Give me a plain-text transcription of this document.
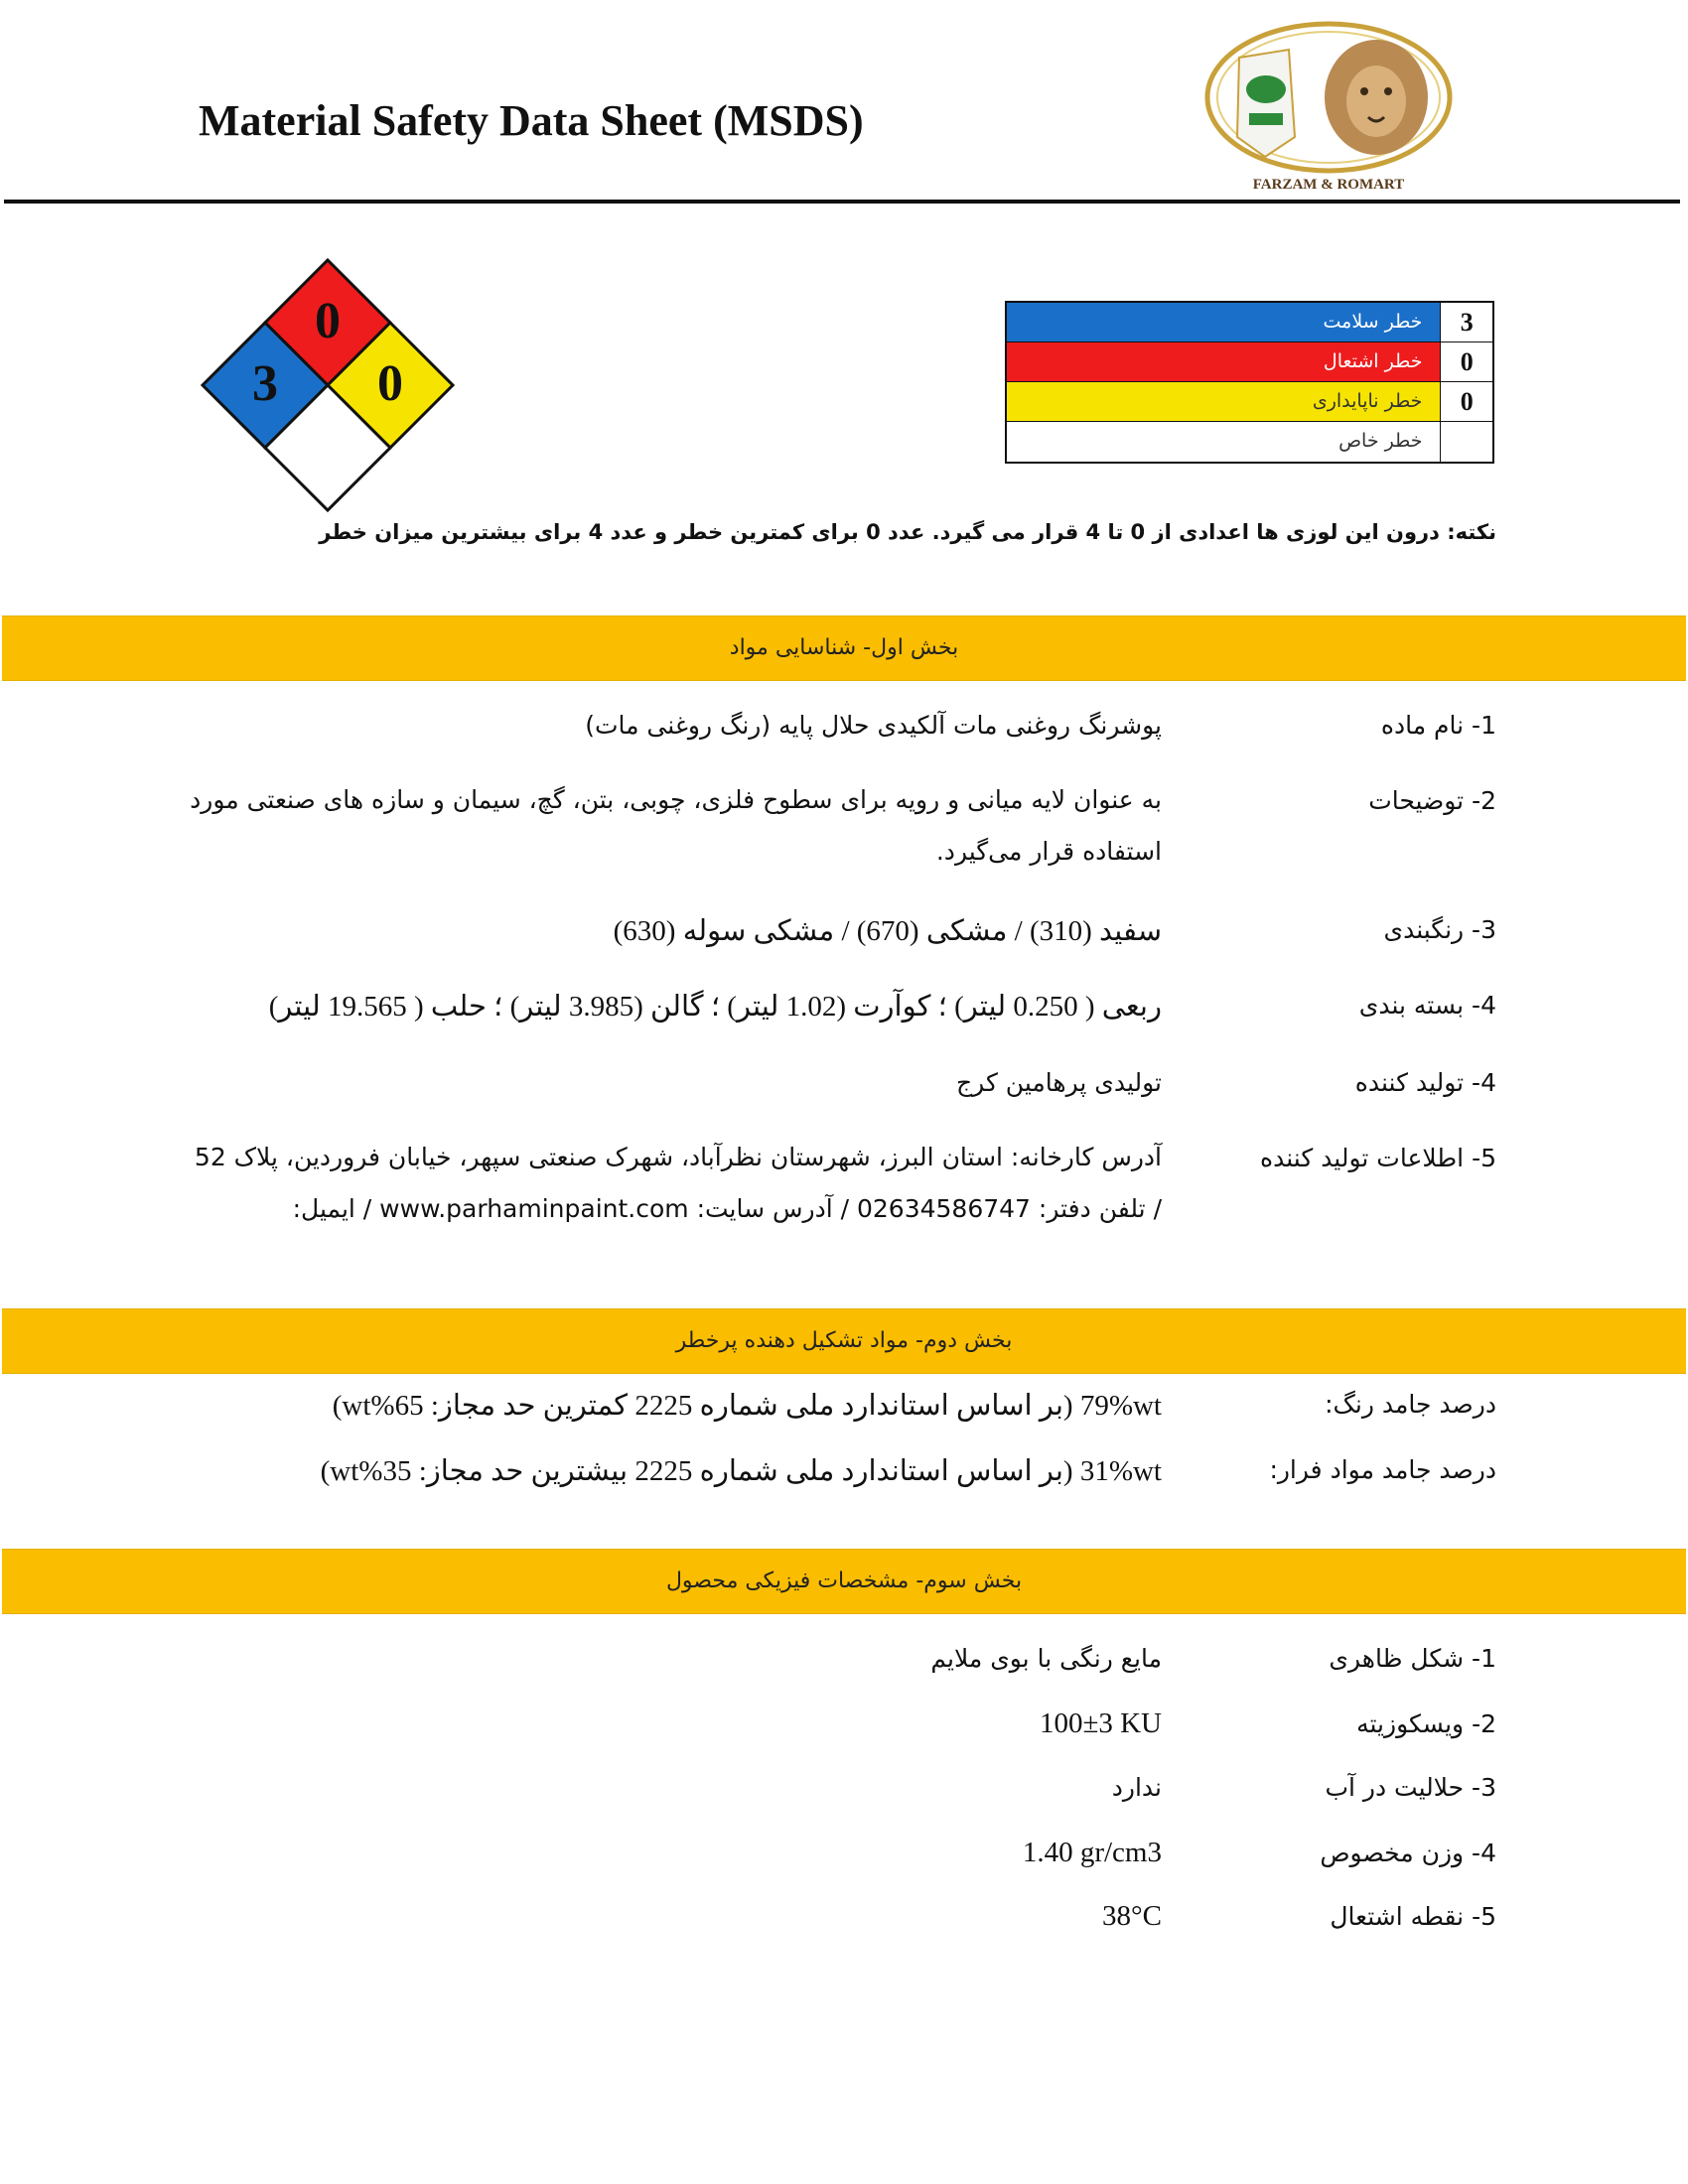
Material Safety Data Sheet (MSDS)
FARZAM & ROMART
0
3 0
خطر سلامت	3
خطر اشتعال	0
خطر ناپایداری	0
خطر خاص
نکته: درون این لوزی ها اعدادی از 0 تا 4 قرار می گیرد. عدد 0 برای کمترین خطر و عدد 4 برای بیشترین میزان خطر
بخش اول- شناسایی مواد
1- نام ماده
پوشرنگ روغنی مات آلکیدی حلال پایه (رنگ روغنی مات)
2- توضیحات
به عنوان لایه میانی و رویه برای سطوح فلزی، چوبی، بتن، گچ، سیمان و سازه های صنعتی مورد استفاده قرار می‌گیرد.
3- رنگبندی
سفید (310) / مشکی (670) / مشکی سوله (630)
4- بسته بندی
ربعی ( 0.250 لیتر) ؛ کوآرت (1.02 لیتر) ؛ گالن (3.985 لیتر) ؛ حلب ( 19.565 لیتر)
4- تولید کننده
تولیدی پرهامین کرج
5- اطلاعات تولید کننده
آدرس کارخانه: استان البرز، شهرستان نظرآباد، شهرک صنعتی سپهر، خیابان فروردین، پلاک 52 / تلفن دفتر: 02634586747 / آدرس سایت: www.parhaminpaint.com / ایمیل:
بخش دوم- مواد تشکیل دهنده پرخطر
درصد جامد رنگ:
79%wt (بر اساس استاندارد ملی شماره 2225 کمترین حد مجاز: 65%wt)
درصد جامد مواد فرار:
31%wt (بر اساس استاندارد ملی شماره 2225 بیشترین حد مجاز: 35%wt)
بخش سوم- مشخصات فیزیکی محصول
1- شکل ظاهری
مایع رنگی با بوی ملایم
2- ویسکوزیته
100±3 KU
3- حلالیت در آب
ندارد
4- وزن مخصوص
1.40 gr/cm3
5- نقطه اشتعال
38°C
